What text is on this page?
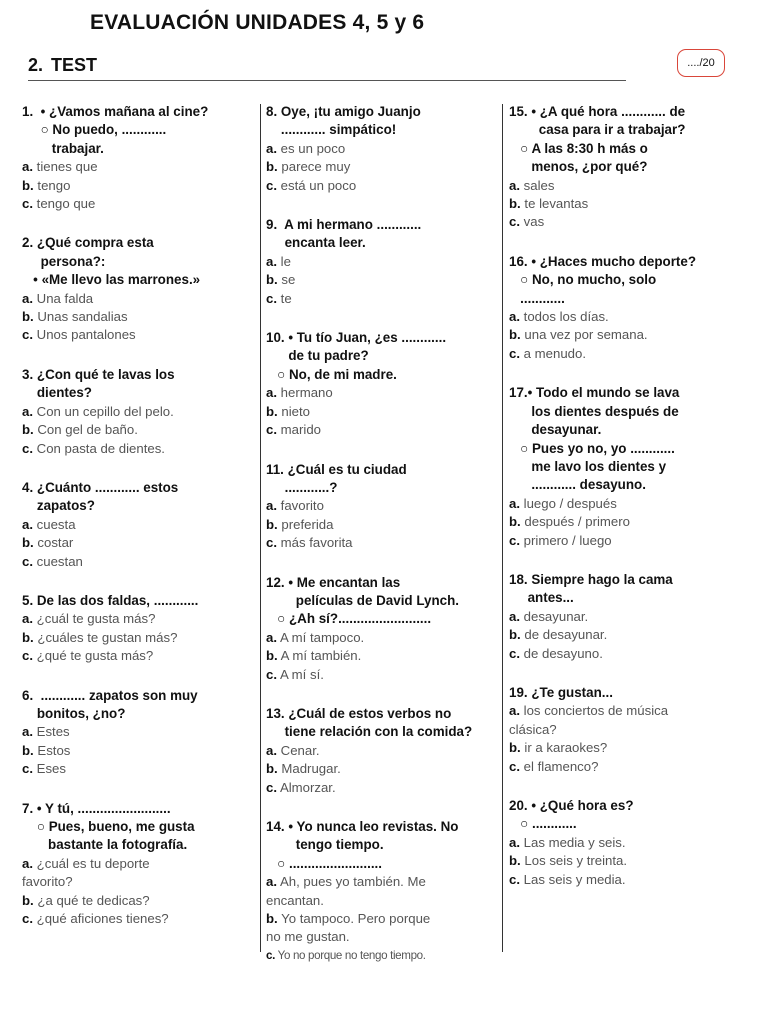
EVALUACIÓN UNIDADES 4, 5 y 6
2. TEST	..../20
1.  • ¿Vamos mañana al cine?
○ No puedo, ............
trabajar.
a. tienes que
b. tengo
c. tengo que
2. ¿Qué compra esta
persona?:
• «Me llevo las marrones.»
a. Una falda
b. Unas sandalias
c. Unos pantalones
3. ¿Con qué te lavas los
dientes?
a. Con un cepillo del pelo.
b. Con gel de baño.
c. Con pasta de dientes.
4. ¿Cuánto ............ estos
zapatos?
a. cuesta
b. costar
c. cuestan
5. De las dos faldas, ............
a. ¿cuál te gusta más?
b. ¿cuáles te gustan más?
c. ¿qué te gusta más?
6.  ............ zapatos son muy
bonitos, ¿no?
a. Estes
b. Estos
c. Eses
7. • Y tú, .........................
○ Pues, bueno, me gusta
bastante la fotografía.
a. ¿cuál es tu deporte
favorito?
b. ¿a qué te dedicas?
c. ¿qué aficiones tienes?
8. Oye, ¡tu amigo Juanjo
............ simpático!
a. es un poco
b. parece muy
c. está un poco
9.  A mi hermano ............
encanta leer.
a. le
b. se
c. te
10. • Tu tío Juan, ¿es ............
de tu padre?
○ No, de mi madre.
a. hermano
b. nieto
c. marido
11. ¿Cuál es tu ciudad
............?
a. favorito
b. preferida
c. más favorita
12. • Me encantan las
películas de David Lynch.
○ ¿Ah sí?.........................
a. A mí tampoco.
b. A mí también.
c. A mí sí.
13. ¿Cuál de estos verbos no
tiene relación con la comida?
a. Cenar.
b. Madrugar.
c. Almorzar.
14. • Yo nunca leo revistas. No
tengo tiempo.
○ .........................
a. Ah, pues yo también. Me
encantan.
b. Yo tampoco. Pero porque
no me gustan.
c. Yo no porque no tengo tiempo.
15. • ¿A qué hora ............ de
casa para ir a trabajar?
○ A las 8:30 h más o
menos, ¿por qué?
a. sales
b. te levantas
c. vas
16. • ¿Haces mucho deporte?
○ No, no mucho, solo
............
a. todos los días.
b. una vez por semana.
c. a menudo.
17.• Todo el mundo se lava
los dientes después de
desayunar.
○ Pues yo no, yo ............
me lavo los dientes y
............ desayuno.
a. luego / después
b. después / primero
c. primero / luego
18. Siempre hago la cama
antes...
a. desayunar.
b. de desayunar.
c. de desayuno.
19. ¿Te gustan...
a. los conciertos de música
clásica?
b. ir a karaokes?
c. el flamenco?
20. • ¿Qué hora es?
○ ............
a. Las media y seis.
b. Los seis y treinta.
c. Las seis y media.
